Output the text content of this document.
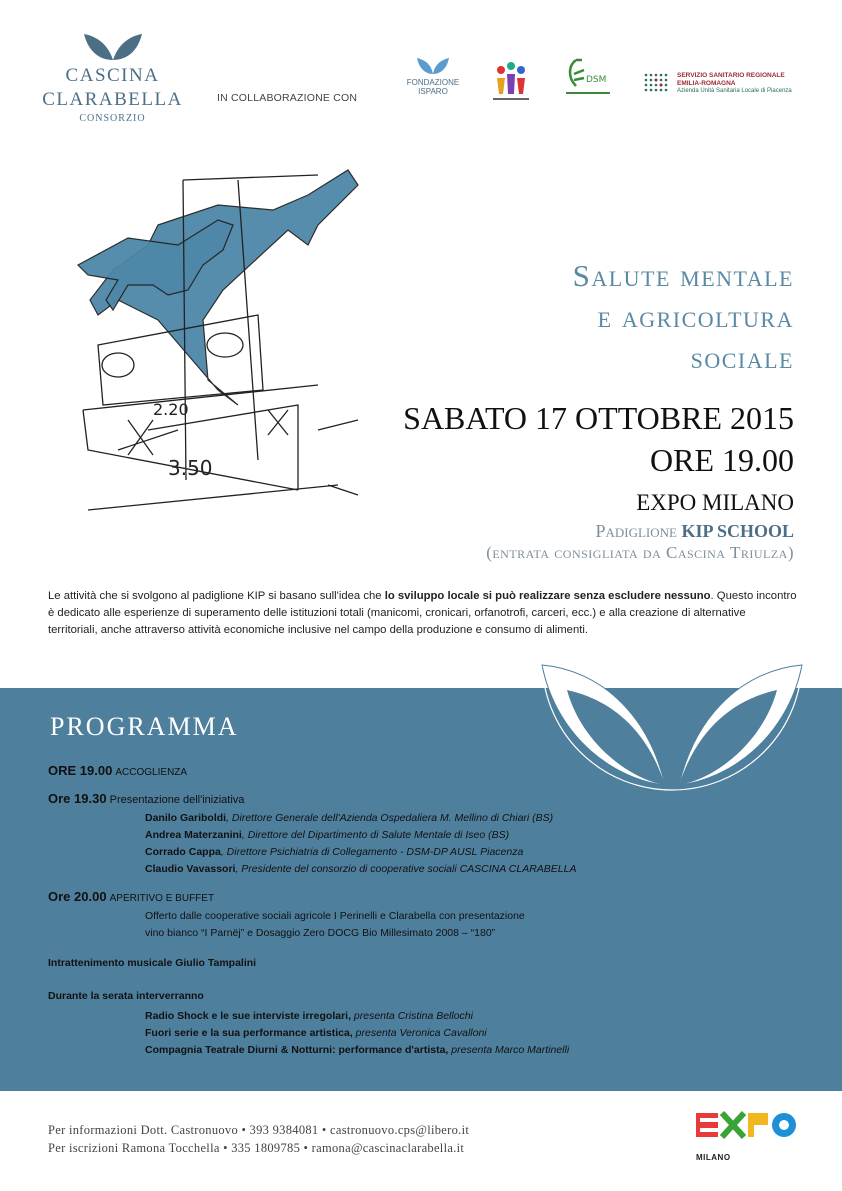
CASCINA
CLARABELLA
CONSORZIO
IN COLLABORAZIONE CON
FONDAZIONE
ISPARO
DSM	SERVIZIO SANITARIO REGIONALE
EMILIA-ROMAGNA
Azienda Unità Sanitaria Locale di Piacenza
2.20
3.50
Salute mentale
e agricoltura
sociale
SABATO 17 OTTOBRE 2015
ORE 19.00
EXPO MILANO
Padiglione KIP SCHOOL
(entrata consigliata da Cascina Triulza)
Le attività che si svolgono al padiglione KIP si basano sull'idea che lo sviluppo locale si può realizzare senza escludere nessuno. Questo incontro è dedicato alle esperienze di superamento delle istituzioni totali (manicomi, cronicari, orfanotrofi, carceri, ecc.) e alla creazione di alternative territoriali, anche attraverso attività economiche inclusive nel campo della produzione e consumo di alimenti.
PROGRAMMA
ORE 19.00 ACCOGLIENZA
Ore 19.30 Presentazione dell'iniziativa
Danilo Gariboldi, Direttore Generale dell'Azienda Ospedaliera M. Mellino di Chiari (BS)
Andrea Materzanini, Direttore del Dipartimento di Salute Mentale di Iseo (BS)
Corrado Cappa, Direttore Psichiatria di Collegamento - DSM-DP AUSL Piacenza
Claudio Vavassori, Presidente del consorzio di cooperative sociali CASCINA CLARABELLA
Ore 20.00 APERITIVO E BUFFET
Offerto dalle cooperative sociali agricole I Perinelli e Clarabella con presentazione
vino bianco “I Parnëj” e Dosaggio Zero DOCG Bio Millesimato 2008 – “180”
Intrattenimento musicale Giulio Tampalini
Durante la serata interverranno
Radio Shock e le sue interviste irregolari, presenta Cristina Bellochi
Fuori serie e la sua performance artistica, presenta Veronica Cavalloni
Compagnia Teatrale Diurni & Notturni: performance d'artista, presenta Marco Martinelli
Per informazioni Dott. Castronuovo • 393 9384081 • castronuovo.cps@libero.it
Per iscrizioni Ramona Tocchella • 335 1809785 • ramona@cascinaclarabella.it
MILANO
